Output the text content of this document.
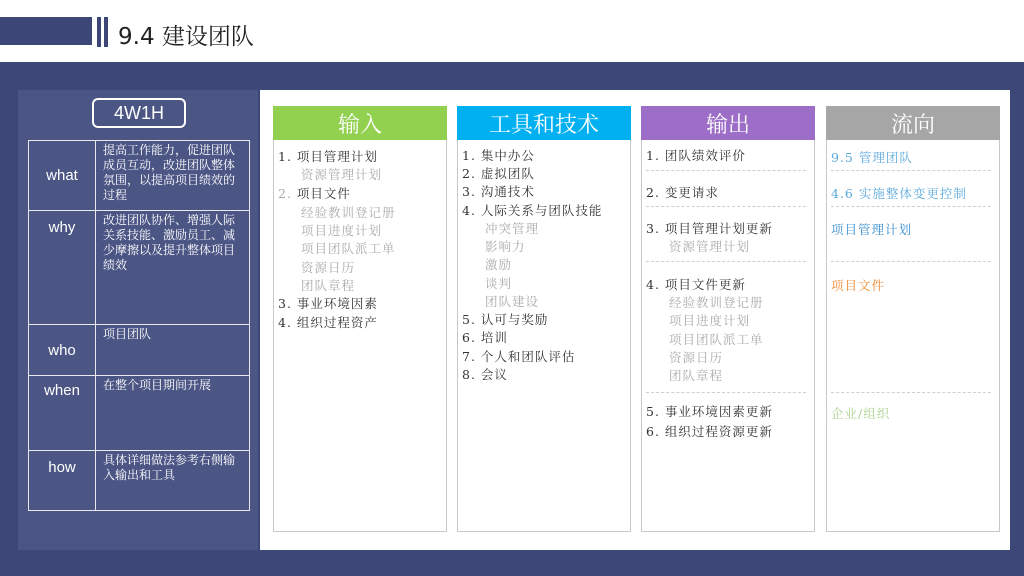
9.4 建设团队
4W1H
what	提高工作能力，促进团队成员互动，改进团队整体氛围，以提高项目绩效的过程
why	改进团队协作、增强人际关系技能、激励员工、减少摩擦以及提升整体项目绩效
who	项目团队
when	在整个项目期间开展
how	具体详细做法参考右侧输入输出和工具
输入
1. 项目管理计划
资源管理计划
2. 项目文件
经验教训登记册
项目进度计划
项目团队派工单
资源日历
团队章程
3. 事业环境因素
4. 组织过程资产
工具和技术
1. 集中办公
2. 虚拟团队
3. 沟通技术
4. 人际关系与团队技能
冲突管理
影响力
激励
谈判
团队建设
5. 认可与奖励
6. 培训
7. 个人和团队评估
8. 会议
输出
1. 团队绩效评价
2. 变更请求
3. 项目管理计划更新
资源管理计划
4. 项目文件更新
经验教训登记册
项目进度计划
项目团队派工单
资源日历
团队章程
5. 事业环境因素更新
6. 组织过程资源更新
流向
9.5 管理团队
4.6 实施整体变更控制
项目管理计划
项目文件
企业/组织
